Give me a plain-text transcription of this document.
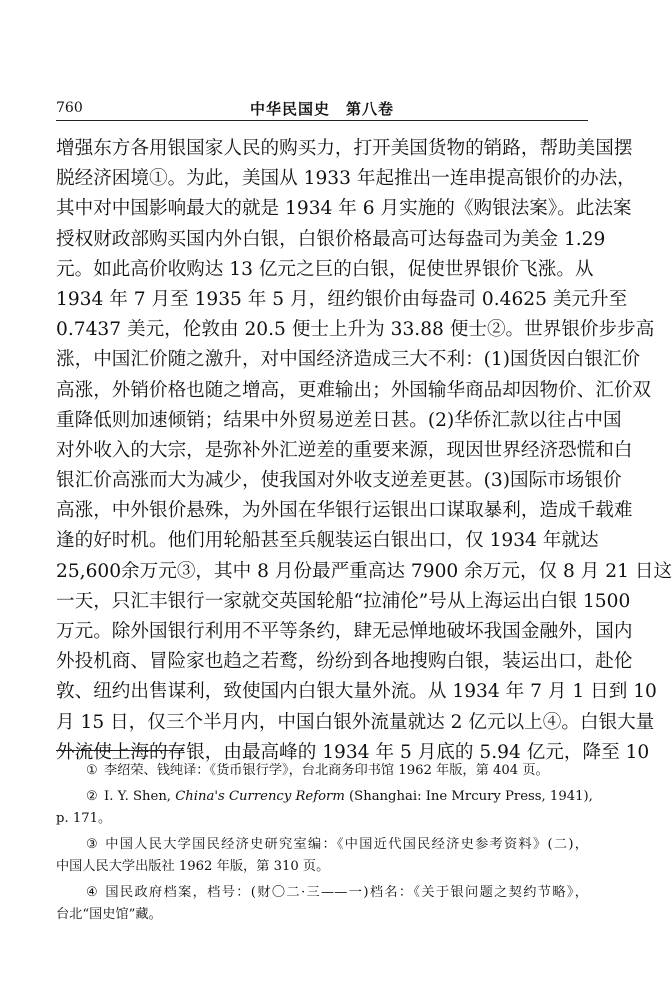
760	中华民国史　第八卷
增强东方各用银国家人民的购买力，打开美国货物的销路，帮助美国摆
脱经济困境①。为此，美国从 1933 年起推出一连串提高银价的办法，
其中对中国影响最大的就是 1934 年 6 月实施的《购银法案》。此法案
授权财政部购买国内外白银，白银价格最高可达每盎司为美金 1.29
元。如此高价收购达 13 亿元之巨的白银，促使世界银价飞涨。从
1934 年 7 月至 1935 年 5 月，纽约银价由每盎司 0.4625 美元升至
0.7437 美元，伦敦由 20.5 便士上升为 33.88 便士②。世界银价步步高
涨，中国汇价随之激升，对中国经济造成三大不利：(1)国货因白银汇价
高涨，外销价格也随之增高，更难输出；外国输华商品却因物价、汇价双
重降低则加速倾销；结果中外贸易逆差日甚。(2)华侨汇款以往占中国
对外收入的大宗，是弥补外汇逆差的重要来源，现因世界经济恐慌和白
银汇价高涨而大为减少，使我国对外收支逆差更甚。(3)国际市场银价
高涨，中外银价悬殊，为外国在华银行运银出口谋取暴利，造成千载难
逢的好时机。他们用轮船甚至兵舰装运白银出口，仅 1934 年就达
25,600余万元③，其中 8 月份最严重高达 7900 余万元，仅 8 月 21 日这
一天，只汇丰银行一家就交英国轮船“拉浦伦”号从上海运出白银 1500
万元。除外国银行利用不平等条约，肆无忌惮地破坏我国金融外，国内
外投机商、冒险家也趋之若鹜，纷纷到各地搜购白银，装运出口，赴伦
敦、纽约出售谋利，致使国内白银大量外流。从 1934 年 7 月 1 日到 10
月 15 日，仅三个半月内，中国白银外流量就达 2 亿元以上④。白银大量
外流使上海的存银，由最高峰的 1934 年 5 月底的 5.94 亿元，降至 10
① 李绍荣、钱纯译：《货币银行学》，台北商务印书馆 1962 年版，第 404 页。
② I. Y. Shen, China's Currency Reform (Shanghai: Ine Mrcury Press, 1941),
p. 171。
③ 中国人民大学国民经济史研究室编：《中国近代国民经济史参考资料》(二)，
中国人民大学出版社 1962 年版，第 310 页。
④ 国民政府档案，档号：(财〇二·三——一)档名：《关于银问题之契约节略》，
台北“国史馆”藏。
